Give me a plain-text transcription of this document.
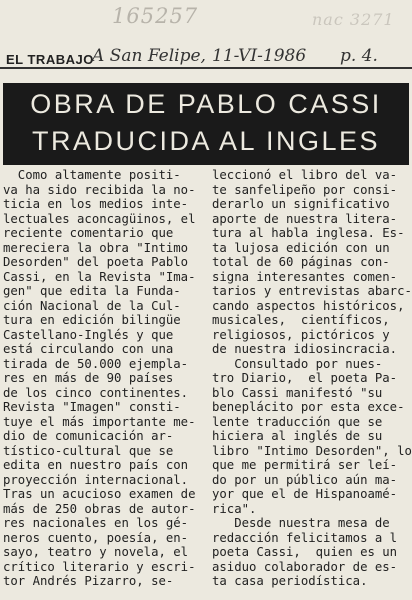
165257	nac 3271
EL TRABAJO
A San Felipe, 11-VI-1986 p. 4.
OBRA DE PABLO CASSI
TRADUCIDA AL INGLES
Como altamente positi-
va ha sido recibida la no-
ticia en los medios inte-
lectuales aconcagüinos, el
reciente comentario que
mereciera la obra "Intimo
Desorden" del poeta Pablo
Cassi, en la Revista "Ima-
gen" que edita la Funda-
ción Nacional de la Cul-
tura en edición bilingüe
Castellano-Inglés y que
está circulando con una
tirada de 50.000 ejempla-
res en más de 90 países
de los cinco continentes.
Revista "Imagen" consti-
tuye el más importante me-
dio de comunicación ar-
tístico-cultural que se
edita en nuestro país con
proyección internacional.
Tras un acucioso examen de
más de 250 obras de autor-
res nacionales en los gé-
neros cuento, poesía, en-
sayo, teatro y novela, el
crítico literario y escri-
tor Andrés Pizarro, se-
leccionó el libro del va-
te sanfelipeño por consi-
derarlo un significativo
aporte de nuestra litera-
tura al habla inglesa. Es-
ta lujosa edición con un
total de 60 páginas con-
signa interesantes comen-
tarios y entrevistas abarc-
cando aspectos históricos,
musicales,  científicos,
religiosos, pictóricos y
de nuestra idiosincracia.
Consultado por nues-
tro Diario,  el poeta Pa-
blo Cassi manifestó "su
beneplácito por esta exce-
lente traducción que se
hiciera al inglés de su
libro "Intimo Desorden", lo
que me permitirá ser leí-
do por un público aún ma-
yor que el de Hispanoamé-
rica".
Desde nuestra mesa de
redacción felicitamos a l
poeta Cassi,  quien es un
asiduo colaborador de es-
ta casa periodística.
